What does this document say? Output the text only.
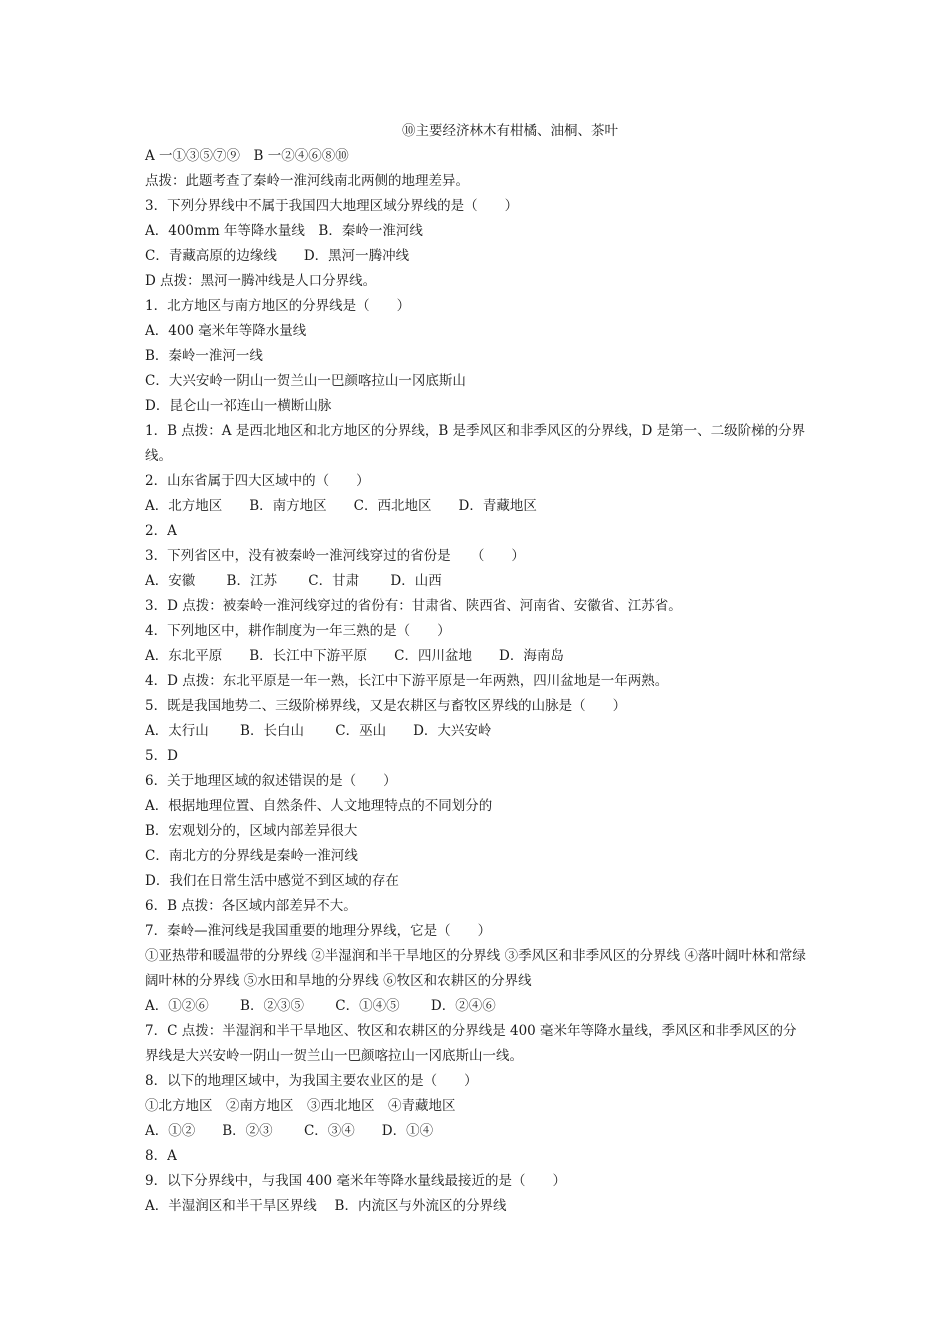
⑩主要经济林木有柑橘、油桐、茶叶
A 一①③⑤⑦⑨　B 一②④⑥⑧⑩
点拨：此题考查了秦岭一淮河线南北两侧的地理差异。
3．下列分界线中不属于我国四大地理区域分界线的是（　　）
A．400mm 年等降水量线　B．秦岭一淮河线
C．青藏高原的边缘线　　D．黑河一腾冲线
D 点拨：黑河一腾冲线是人口分界线。
1．北方地区与南方地区的分界线是（　　）
A．400 毫米年等降水量线
B．秦岭一淮河一线
C．大兴安岭一阴山一贺兰山一巴颜喀拉山一冈底斯山
D．昆仑山一祁连山一横断山脉
1．B 点拨：A 是西北地区和北方地区的分界线，B 是季风区和非季风区的分界线，D 是第一、二级阶梯的分界线。
2．山东省属于四大区域中的（　　）
A．北方地区　　B．南方地区　　C．西北地区　　D．青藏地区
2．A
3．下列省区中，没有被秦岭一淮河线穿过的省份是　　（　　）
A．安徽　　 B．江苏　　 C．甘肃　　 D．山西
3．D 点拨：被秦岭一淮河线穿过的省份有：甘肃省、陕西省、河南省、安徽省、江苏省。
4．下列地区中，耕作制度为一年三熟的是（　　）
A．东北平原　　B．长江中下游平原　　C．四川盆地　　D．海南岛
4．D 点拨：东北平原是一年一熟，长江中下游平原是一年两熟，四川盆地是一年两熟。
5．既是我国地势二、三级阶梯界线，又是农耕区与畜牧区界线的山脉是（　　）
A．太行山　　 B．长白山　　 C．巫山　　D．大兴安岭
5．D
6．关于地理区域的叙述错误的是（　　）
A．根据地理位置、自然条件、人文地理特点的不同划分的
B．宏观划分的，区域内部差异很大
C．南北方的分界线是秦岭一淮河线
D．我们在日常生活中感觉不到区域的存在
6．B 点拨：各区域内部差异不大。
7．秦岭—淮河线是我国重要的地理分界线，它是（　　）
①亚热带和暖温带的分界线 ②半湿润和半干旱地区的分界线 ③季风区和非季风区的分界线 ④落叶阔叶林和常绿阔叶林的分界线 ⑤水田和旱地的分界线 ⑥牧区和农耕区的分界线
A．①②⑥　　 B．②③⑤　　 C．①④⑤　　 D．②④⑥
7．C 点拨：半湿润和半干旱地区、牧区和农耕区的分界线是 400 毫米年等降水量线，季风区和非季风区的分界线是大兴安岭一阴山一贺兰山一巴颜喀拉山一冈底斯山一线。
8．以下的地理区域中，为我国主要农业区的是（　　）
①北方地区　②南方地区　③西北地区　④青藏地区
A．①②　　B．②③　　 C．③④　　D．①④
8．A
9．以下分界线中，与我国 400 毫米年等降水量线最接近的是（　　）
A．半湿润区和半干旱区界线　 B．内流区与外流区的分界线
